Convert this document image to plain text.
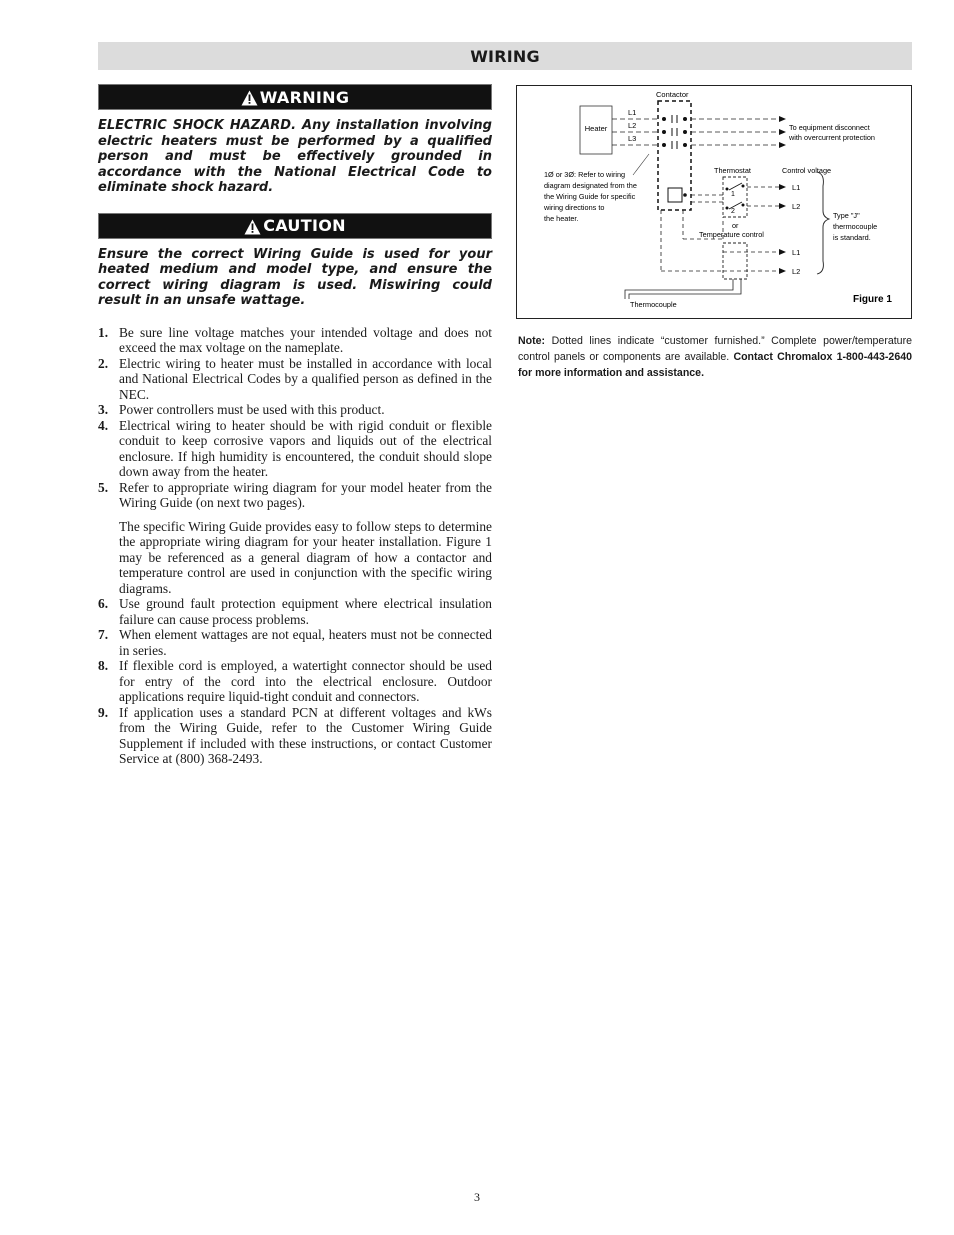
WIRING
WARNING

ELECTRIC SHOCK HAZARD. Any installation involving electric heaters must be performed by a qualified person and must be effectively grounded in accordance with the National Electrical Code to eliminate shock hazard.

CAUTION

Ensure the correct Wiring Guide is used for your heated medium and model type, and ensure the correct wiring diagram is used. Miswiring could result in an unsafe wattage.

1. Be sure line voltage matches your intended voltage and does not exceed the max voltage on the nameplate.
2. Electric wiring to heater must be installed in accordance with local and National Electrical Codes by a qualified person as defined in the NEC.
3. Power controllers must be used with this product.
4. Electrical wiring to heater should be with rigid conduit or flexible conduit to keep corrosive vapors and liquids out of the electrical enclosure. If high humidity is encountered, the conduit should slope down away from the heater.
5. Refer to appropriate wiring diagram for your model heater from the Wiring Guide (on next two pages).
The specific Wiring Guide provides easy to follow steps to determine the appropriate wiring diagram for your heater installation. Figure 1 may be referenced as a general diagram of how a contactor and temperature control are used in conjunction with the specific wiring diagrams.
6. Use ground fault protection equipment where electrical insulation failure can cause process problems.
7. When element wattages are not equal, heaters must not be connected in series.
8. If flexible cord is employed, a watertight connector should be used for entry of the cord into the electrical enclosure. Outdoor applications require liquid-tight conduit and connectors.
9. If application uses a standard PCN at different voltages and kWs from the Wiring Guide, refer to the Customer Wiring Guide Supplement if included with these instructions, or contact Customer Service at (800) 368-2493.
Heater
L1
L2
L3
Contactor
To equipment disconnect
with overcurrent protection
1Ø or 3Ø: Refer to wiring
diagram designated from the
the Wiring Guide for specific
wiring directions to
the heater.
Thermostat
1
2
or
Temperature control
Control voltage
L1
L2
L1
L2
Type "J"
thermocouple
is standard.
Thermocouple	Figure 1
Note: Dotted lines indicate “customer furnished.” Complete power/temperature control panels or components are available. Contact Chromalox 1-800-443-2640 for more information and assistance.
3
